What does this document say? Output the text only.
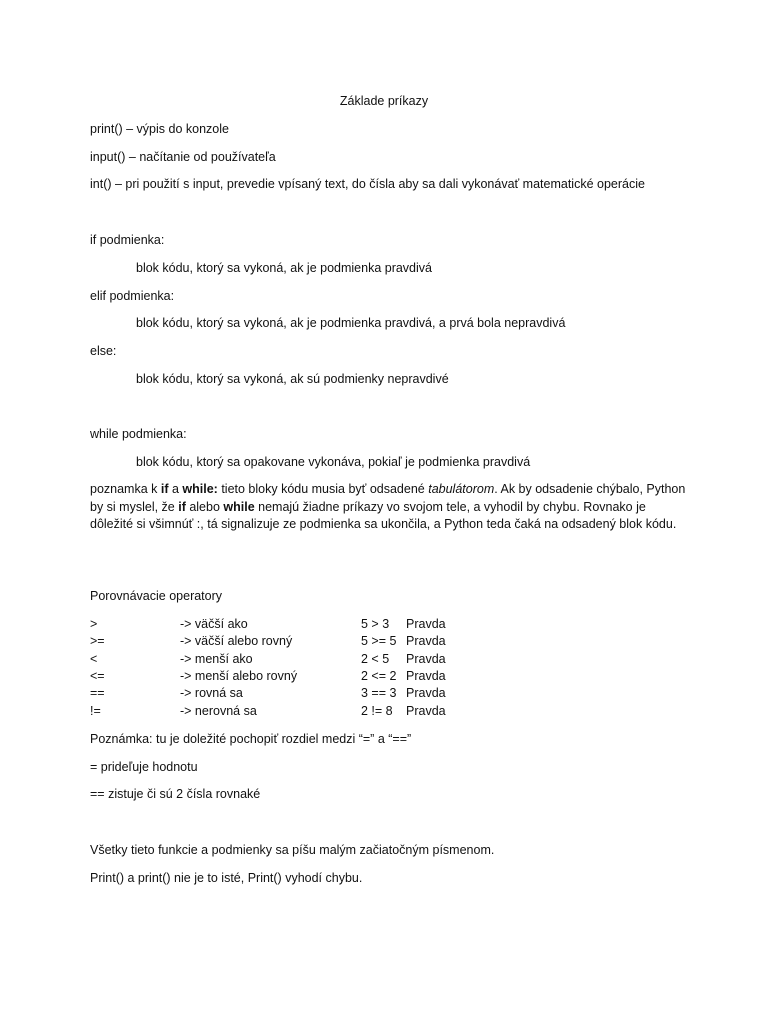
Základe príkazy
print() – výpis do konzole
input() – načítanie od používateľa
int() – pri použití s input, prevedie vpísaný text, do čísla aby sa dali vykonávať matematické operácie
if podmienka:
blok kódu, ktorý sa vykoná, ak je podmienka pravdivá
elif podmienka:
blok kódu, ktorý sa vykoná, ak je podmienka pravdivá, a prvá bola nepravdivá
else:
blok kódu, ktorý sa vykoná, ak sú podmienky nepravdivé
while podmienka:
blok kódu, ktorý sa opakovane vykonáva, pokiaľ je podmienka pravdivá
poznamka k if a while: tieto bloky kódu musia byť odsadené tabulátorom. Ak by odsadenie chýbalo, Python by si myslel, že if alebo while nemajú žiadne príkazy vo svojom tele, a vyhodil by chybu. Rovnako je dôležité si všimnúť :, tá signalizuje ze podmienka sa ukončila, a Python teda čaká na odsadený blok kódu.
Porovnávacie operatory
>	-> väčší ako	5 > 3 Pravda
>=	-> väčší alebo rovný	5 >= 5 Pravda
<	-> menší ako	2 < 5 Pravda
<=	-> menší alebo rovný	2 <= 2 Pravda
==	-> rovná sa	3 == 3 Pravda
!=	-> nerovná sa	2 != 8 Pravda
Poznámka: tu je doležité pochopiť rozdiel medzi “=” a “==”
= prideľuje hodnotu
== zistuje či sú 2 čísla rovnaké
Všetky tieto funkcie a podmienky sa píšu malým začiatočným písmenom.
Print() a print() nie je to isté, Print() vyhodí chybu.
